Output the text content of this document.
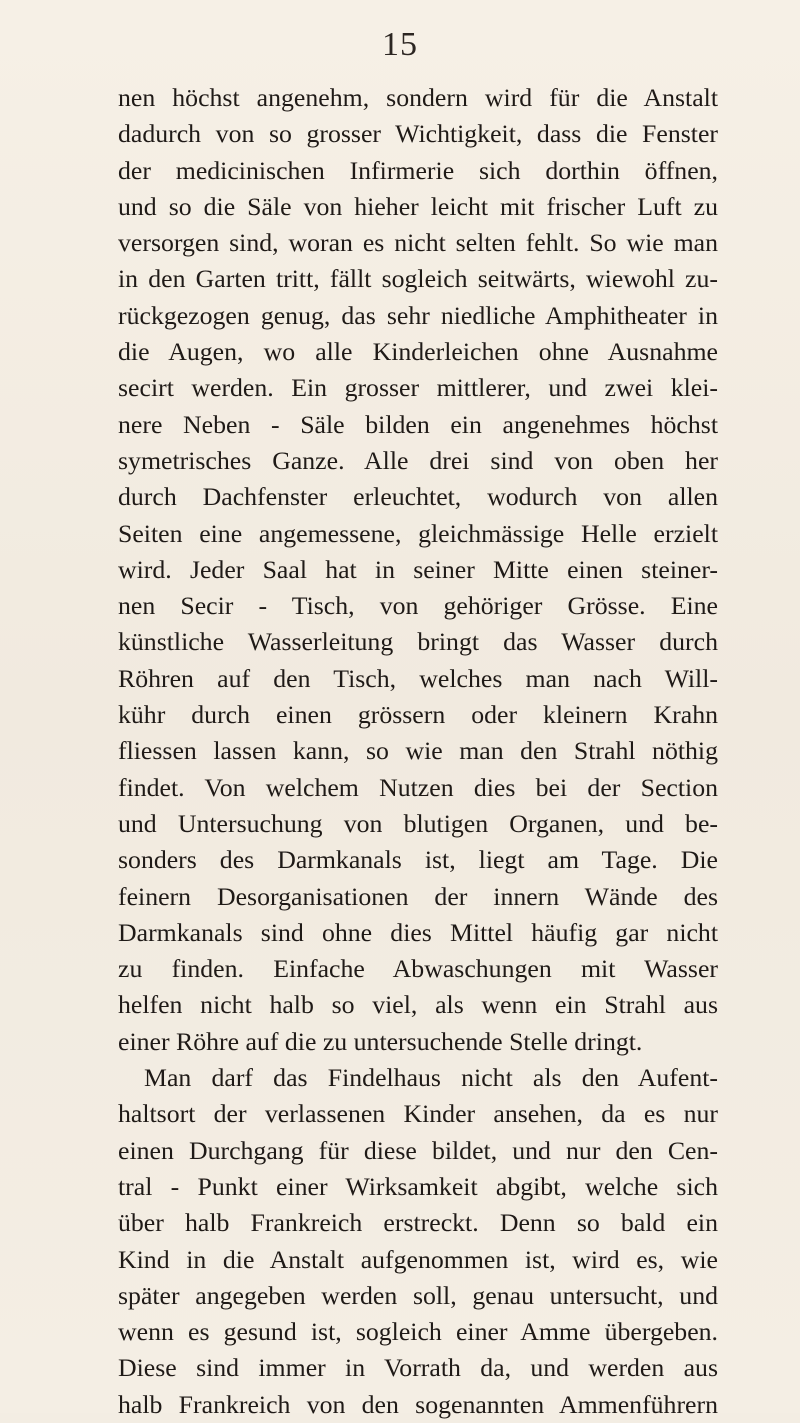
15
nen höchst angenehm, sondern wird für die Anstalt
dadurch von so grosser Wichtigkeit, dass die Fenster
der medicinischen Infirmerie sich dorthin öffnen,
und so die Säle von hieher leicht mit frischer Luft zu
versorgen sind, woran es nicht selten fehlt. So wie man
in den Garten tritt, fällt sogleich seitwärts, wiewohl zu-
rückgezogen genug, das sehr niedliche Amphitheater in
die Augen, wo alle Kinderleichen ohne Ausnahme
secirt werden. Ein grosser mittlerer, und zwei klei-
nere Neben - Säle bilden ein angenehmes höchst
symetrisches Ganze. Alle drei sind von oben her
durch Dachfenster erleuchtet, wodurch von allen
Seiten eine angemessene, gleichmässige Helle erzielt
wird. Jeder Saal hat in seiner Mitte einen steiner-
nen Secir - Tisch, von gehöriger Grösse. Eine
künstliche Wasserleitung bringt das Wasser durch
Röhren auf den Tisch, welches man nach Will-
kühr durch einen grössern oder kleinern Krahn
fliessen lassen kann, so wie man den Strahl nöthig
findet. Von welchem Nutzen dies bei der Section
und Untersuchung von blutigen Organen, und be-
sonders des Darmkanals ist, liegt am Tage. Die
feinern Desorganisationen der innern Wände des
Darmkanals sind ohne dies Mittel häufig gar nicht
zu finden. Einfache Abwaschungen mit Wasser
helfen nicht halb so viel, als wenn ein Strahl aus
einer Röhre auf die zu untersuchende Stelle dringt.
Man darf das Findelhaus nicht als den Aufent-
haltsort der verlassenen Kinder ansehen, da es nur
einen Durchgang für diese bildet, und nur den Cen-
tral - Punkt einer Wirksamkeit abgibt, welche sich
über halb Frankreich erstreckt. Denn so bald ein
Kind in die Anstalt aufgenommen ist, wird es, wie
später angegeben werden soll, genau untersucht, und
wenn es gesund ist, sogleich einer Amme übergeben.
Diese sind immer in Vorrath da, und werden aus
halb Frankreich von den sogenannten Ammenführern
